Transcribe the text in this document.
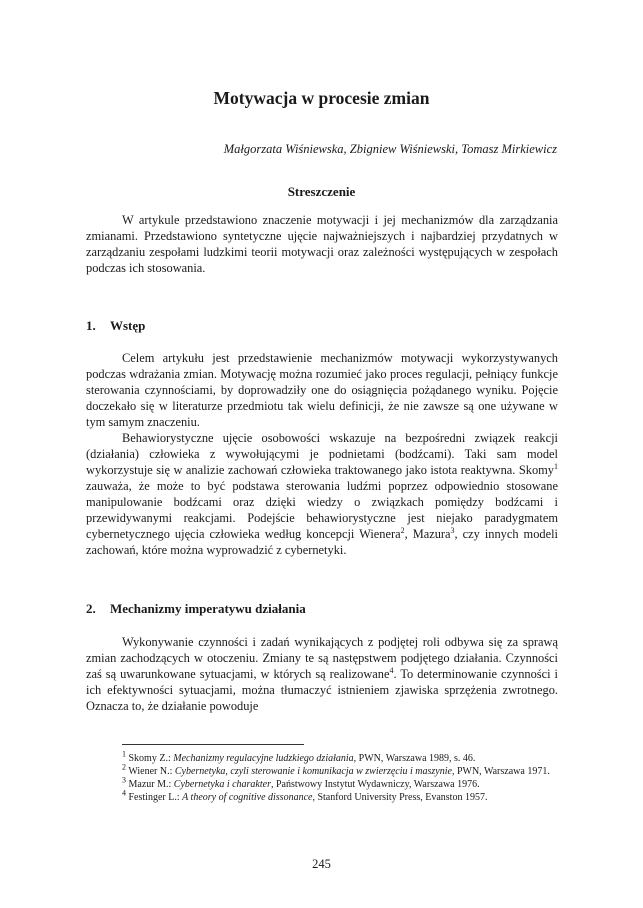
Motywacja w procesie zmian

Małgorzata Wiśniewska, Zbigniew Wiśniewski, Tomasz Mirkiewicz

Streszczenie

W artykule przedstawiono znaczenie motywacji i jej mechanizmów dla zarządzania zmianami. Przedstawiono syntetyczne ujęcie najważniejszych i najbardziej przydatnych w zarządzaniu zespołami ludzkimi teorii motywacji oraz zależności występujących w zespołach podczas ich stosowania.

1. Wstęp

Celem artykułu jest przedstawienie mechanizmów motywacji wykorzystywanych podczas wdrażania zmian. Motywację można rozumieć jako proces regulacji, pełniący funkcje sterowania czynnościami, by doprowadziły one do osiągnięcia pożądanego wyniku. Pojęcie doczekało się w literaturze przedmiotu tak wielu definicji, że nie zawsze są one używane w tym samym znaczeniu.

Behawiorystyczne ujęcie osobowości wskazuje na bezpośredni związek reakcji (działania) człowieka z wywołującymi je podnietami (bodźcami). Taki sam model wykorzystuje się w analizie zachowań człowieka traktowanego jako istota reaktywna. Skomy$^1$ zauważa, że może to być podstawa sterowania ludźmi poprzez odpowiednio stosowane manipulowanie bodźcami oraz dzięki wiedzy o związkach pomiędzy bodźcami i przewidywanymi reakcjami. Podejście behawiorystyczne jest niejako paradygmatem cybernetycznego ujęcia człowieka według koncepcji Wienera$^2$, Mazura$^3$, czy innych modeli zachowań, które można wyprowadzić z cybernetyki.

2. Mechanizmy imperatywu działania

Wykonywanie czynności i zadań wynikających z podjętej roli odbywa się za sprawą zmian zachodzących w otoczeniu. Zmiany te są następstwem podjętego działania. Czynności zaś są uwarunkowane sytuacjami, w których są realizowane$^4$. To determinowanie czynności i ich efektywności sytuacjami, można tłumaczyć istnieniem zjawiska sprzężenia zwrotnego. Oznacza to, że działanie powoduje

$^1$ Skomy Z.: Mechanizmy regulacyjne ludzkiego działania, PWN, Warszawa 1989, s. 46.

$^2$ Wiener N.: Cybernetyka, czyli sterowanie i komunikacja w zwierzęciu i maszynie, PWN, Warszawa 1971.

$^3$ Mazur M.: Cybernetyka i charakter, Państwowy Instytut Wydawniczy, Warszawa 1976.

$^4$ Festinger L.: A theory of cognitive dissonance, Stanford University Press, Evanston 1957.

245
